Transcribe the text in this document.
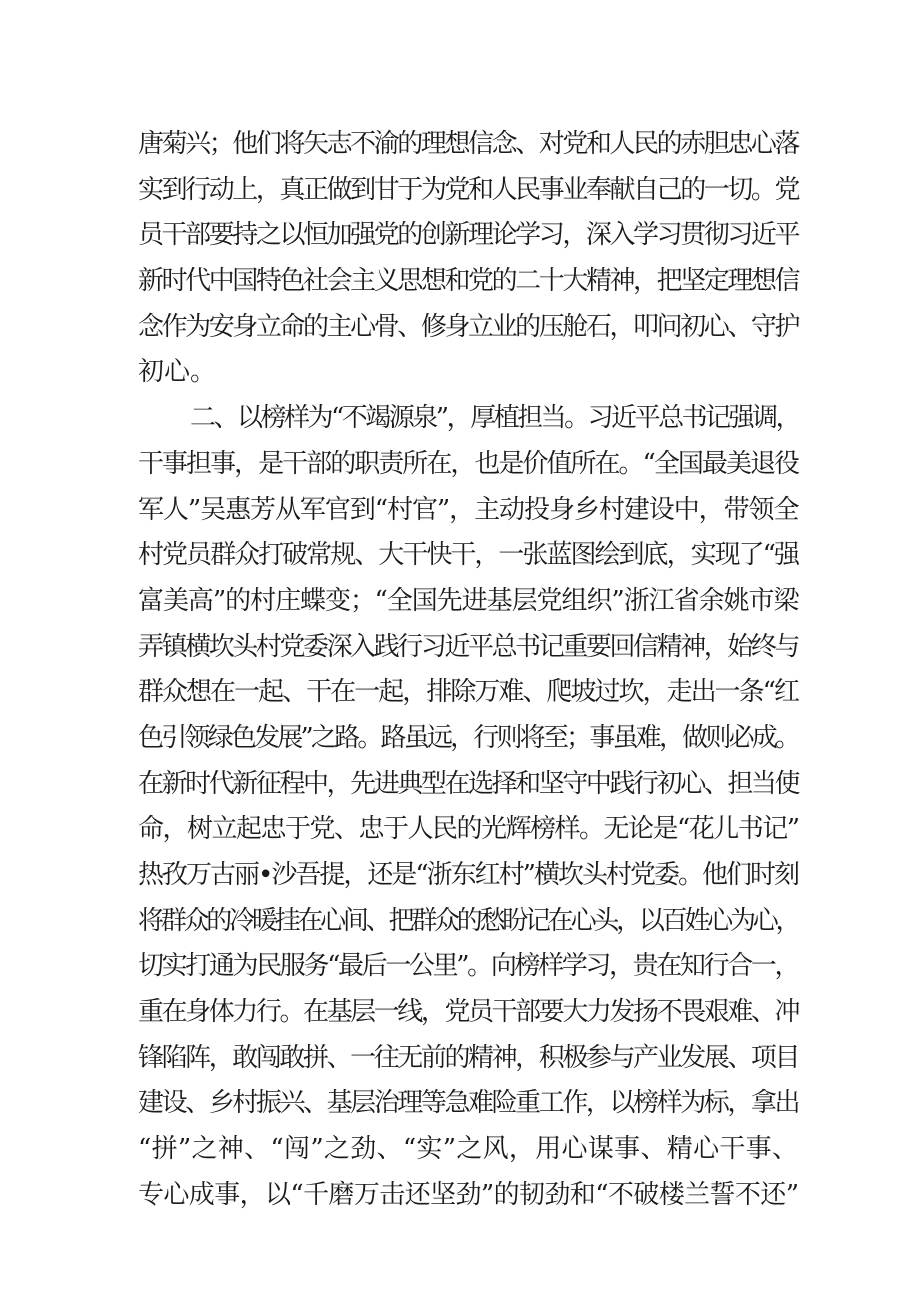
唐菊兴；他们将矢志不渝的理想信念、对党和人民的赤胆忠心落
实到行动上，真正做到甘于为党和人民事业奉献自己的一切。党
员干部要持之以恒加强党的创新理论学习，深入学习贯彻习近平
新时代中国特色社会主义思想和党的二十大精神，把坚定理想信
念作为安身立命的主心骨、修身立业的压舱石，叩问初心、守护
初心。
二、以榜样为“不竭源泉”，厚植担当。习近平总书记强调，
干事担事，是干部的职责所在，也是价值所在。“全国最美退役
军人”吴惠芳从军官到“村官”，主动投身乡村建设中，带领全
村党员群众打破常规、大干快干，一张蓝图绘到底，实现了“强
富美高”的村庄蝶变；“全国先进基层党组织”浙江省余姚市梁
弄镇横坎头村党委深入践行习近平总书记重要回信精神，始终与
群众想在一起、干在一起，排除万难、爬坡过坎，走出一条“红
色引领绿色发展”之路。路虽远，行则将至；事虽难，做则必成。
在新时代新征程中，先进典型在选择和坚守中践行初心、担当使
命，树立起忠于党、忠于人民的光辉榜样。无论是“花儿书记”
热孜万古丽•沙吾提，还是“浙东红村”横坎头村党委。他们时刻
将群众的冷暖挂在心间、把群众的愁盼记在心头，以百姓心为心，
切实打通为民服务“最后一公里”。向榜样学习，贵在知行合一，
重在身体力行。在基层一线，党员干部要大力发扬不畏艰难、冲
锋陷阵，敢闯敢拼、一往无前的精神，积极参与产业发展、项目
建设、乡村振兴、基层治理等急难险重工作，以榜样为标，拿出
“拼”之神、“闯”之劲、“实”之风，用心谋事、精心干事、
专心成事，以“千磨万击还坚劲”的韧劲和“不破楼兰誓不还”
